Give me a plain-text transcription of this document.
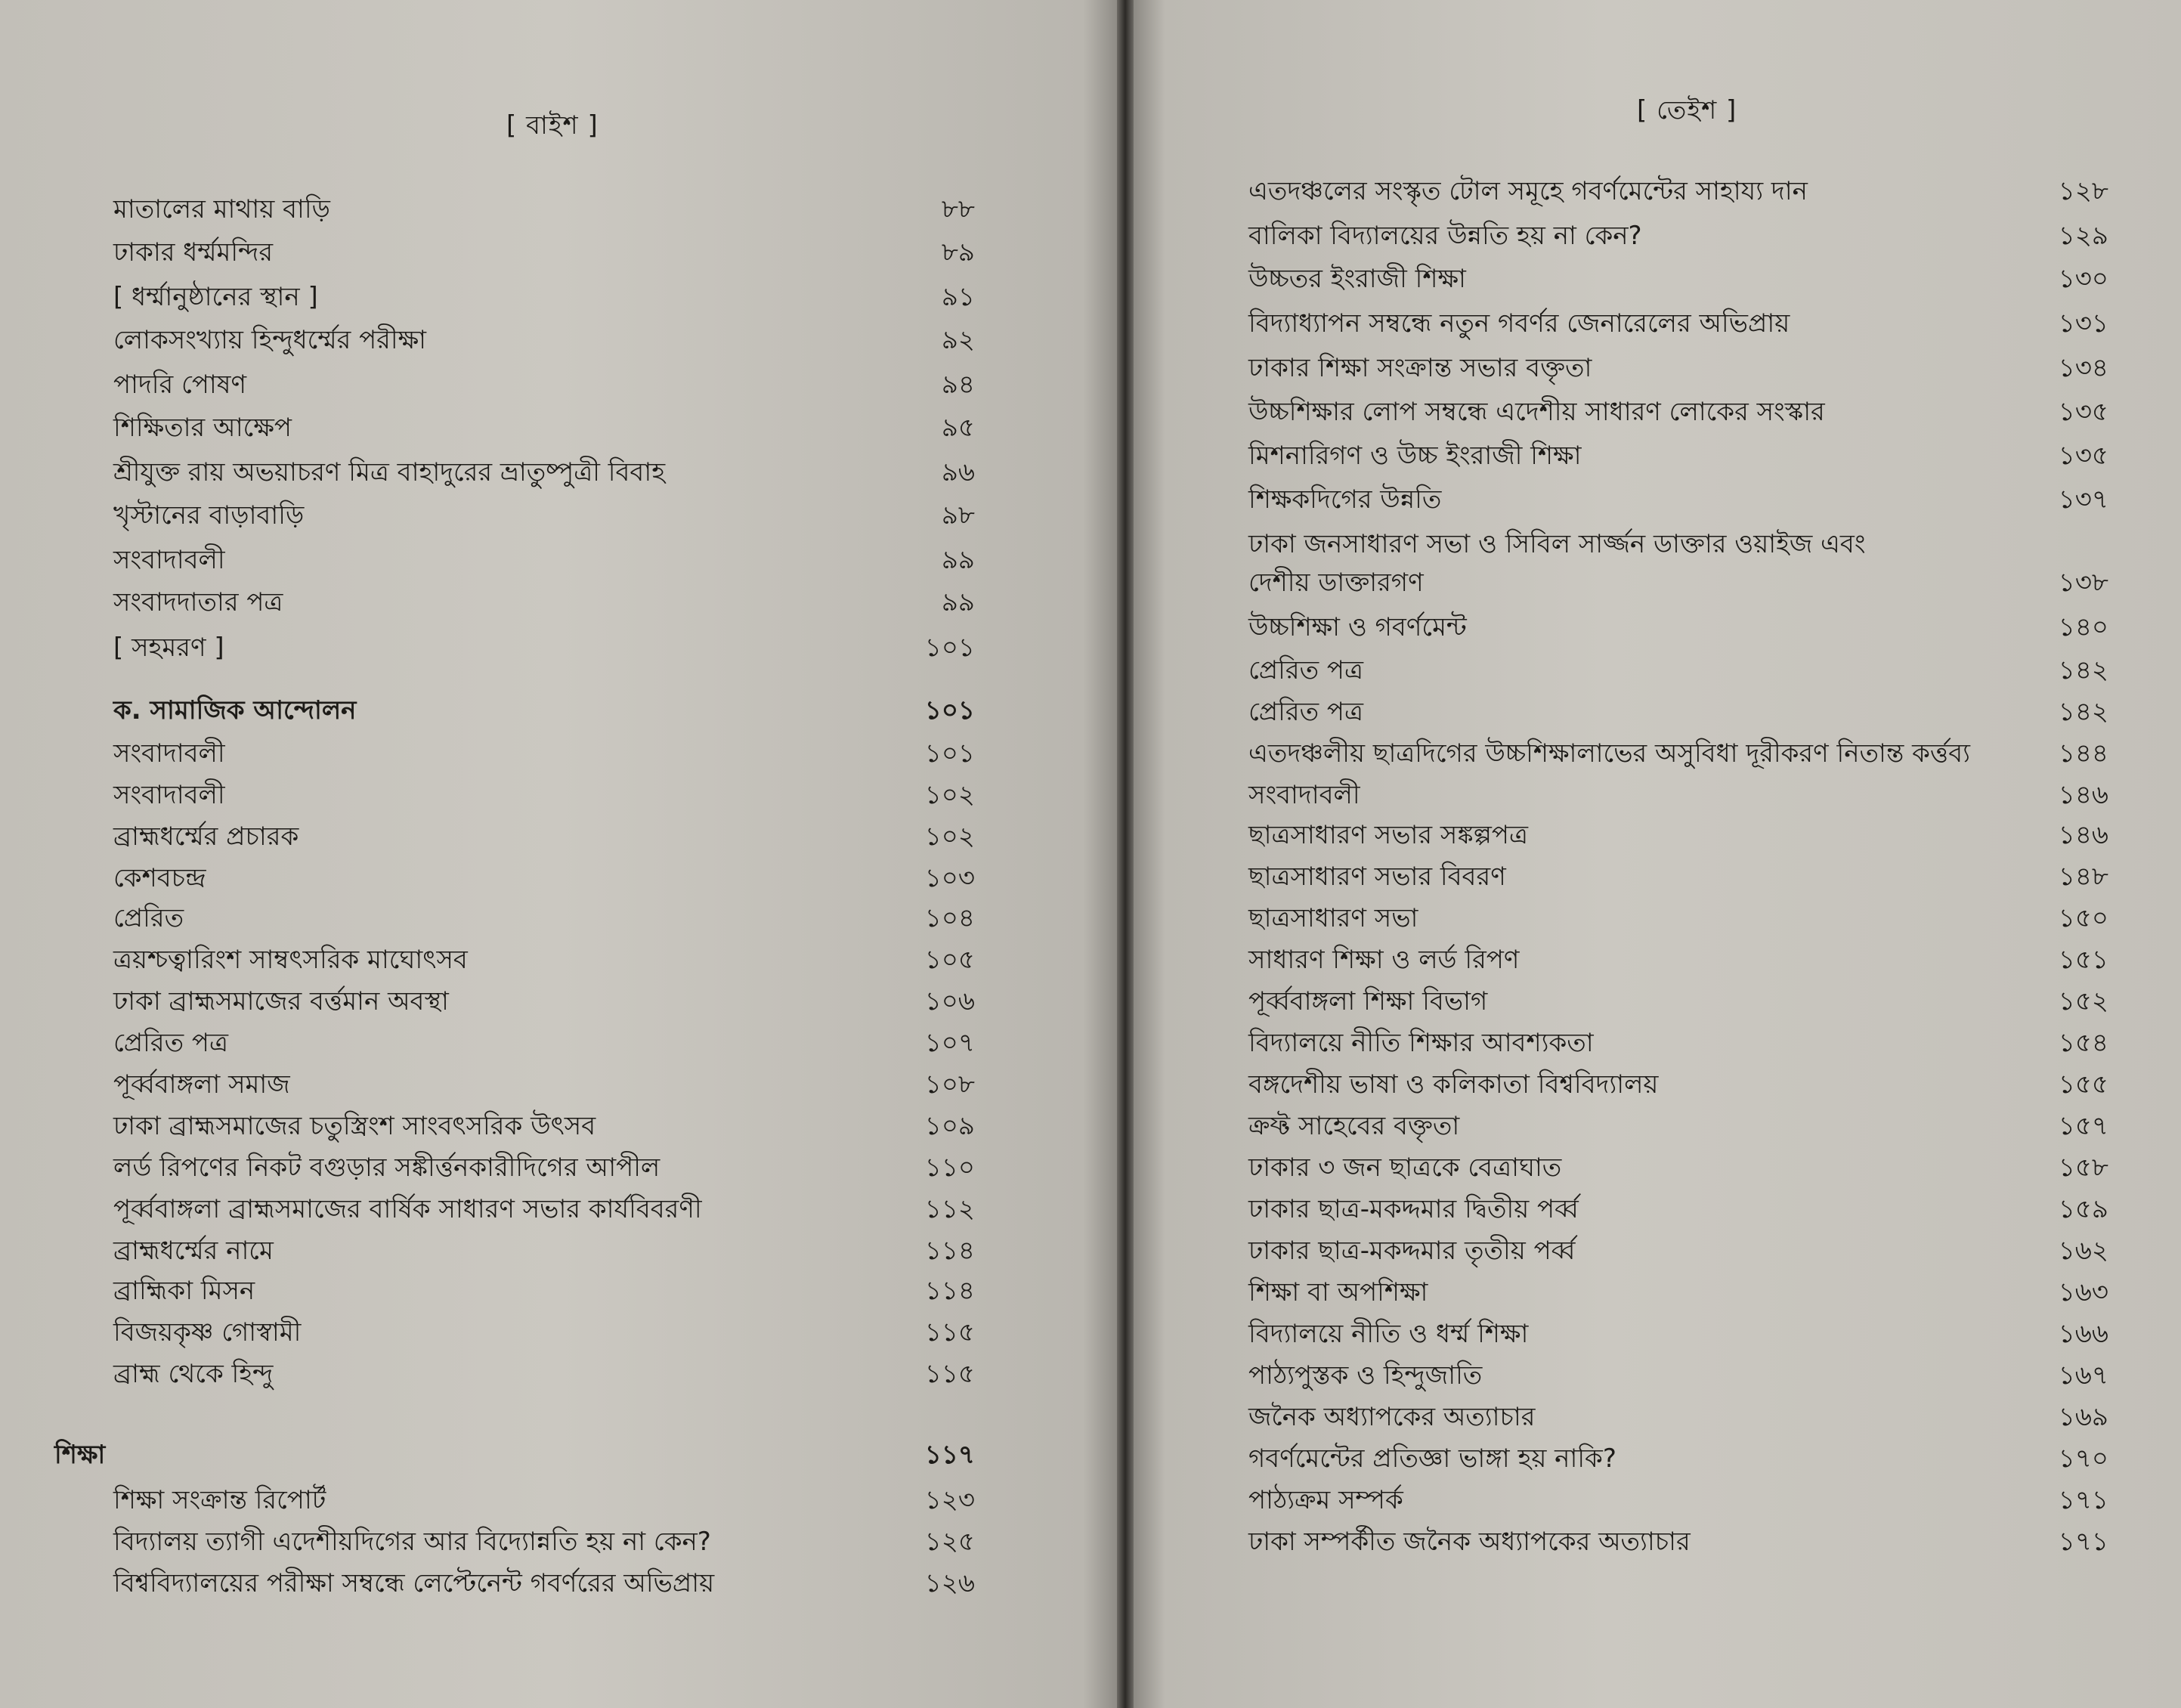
[ বাইশ ]
মাতালের মাথায় বাড়ি	৮৮
ঢাকার ধর্ম্মমন্দির	৮৯
[ ধর্ম্মানুষ্ঠানের স্থান ]	৯১
লোকসংখ্যায় হিন্দুধর্ম্মের পরীক্ষা	৯২
পাদরি পোষণ	৯৪
শিক্ষিতার আক্ষেপ	৯৫
শ্রীযুক্ত রায় অভয়াচরণ মিত্র বাহাদুরের ভ্রাতুষ্পুত্রী বিবাহ	৯৬
খৃস্টানের বাড়াবাড়ি	৯৮
সংবাদাবলী	৯৯
সংবাদদাতার পত্র	৯৯
[ সহমরণ ]	১০১
ক. সামাজিক আন্দোলন	১০১
সংবাদাবলী	১০১
সংবাদাবলী	১০২
ব্রাহ্মধর্ম্মের প্রচারক	১০২
কেশবচন্দ্র	১০৩
প্রেরিত	১০৪
ত্রয়শ্চত্বারিংশ সাম্বৎসরিক মাঘোৎসব	১০৫
ঢাকা ব্রাহ্মসমাজের বর্ত্তমান অবস্থা	১০৬
প্রেরিত পত্র	১০৭
পূর্ব্ববাঙ্গলা সমাজ	১০৮
ঢাকা ব্রাহ্মসমাজের চতুস্ত্রিংশ সাংবৎসরিক উৎসব	১০৯
লর্ড রিপণের নিকট বগুড়ার সঙ্কীর্ত্তনকারীদিগের আপীল	১১০
পূর্ব্ববাঙ্গলা ব্রাহ্মসমাজের বার্ষিক সাধারণ সভার কার্যবিবরণী	১১২
ব্রাহ্মধর্ম্মের নামে	১১৪
ব্রাহ্মিকা মিসন	১১৪
বিজয়কৃষ্ণ গোস্বামী	১১৫
ব্রাহ্ম থেকে হিন্দু	১১৫
শিক্ষা	১১৭
শিক্ষা সংক্রান্ত রিপোর্ট	১২৩
বিদ্যালয় ত্যাগী এদেশীয়দিগের আর বিদ্যোন্নতি হয় না কেন?	১২৫
বিশ্ববিদ্যালয়ের পরীক্ষা সম্বন্ধে লেপ্টেনেন্ট গবর্ণরের অভিপ্রায়	১২৬
[ তেইশ ]
এতদঞ্চলের সংস্কৃত টোল সমূহে গবর্ণমেন্টের সাহায্য দান	১২৮
বালিকা বিদ্যালয়ের উন্নতি হয় না কেন?	১২৯
উচ্চতর ইংরাজী শিক্ষা	১৩০
বিদ্যাধ্যাপন সম্বন্ধে নতুন গবর্ণর জেনারেলের অভিপ্রায়	১৩১
ঢাকার শিক্ষা সংক্রান্ত সভার বক্তৃতা	১৩৪
উচ্চশিক্ষার লোপ সম্বন্ধে এদেশীয় সাধারণ লোকের সংস্কার	১৩৫
মিশনারিগণ ও উচ্চ ইংরাজী শিক্ষা	১৩৫
শিক্ষকদিগের উন্নতি	১৩৭
ঢাকা জনসাধারণ সভা ও সিবিল সার্জ্জন ডাক্তার ওয়াইজ এবং
দেশীয় ডাক্তারগণ	১৩৮
উচ্চশিক্ষা ও গবর্ণমেন্ট	১৪০
প্রেরিত পত্র	১৪২
প্রেরিত পত্র	১৪২
এতদঞ্চলীয় ছাত্রদিগের উচ্চশিক্ষালাভের অসুবিধা দূরীকরণ নিতান্ত কর্ত্তব্য	১৪৪
সংবাদাবলী	১৪৬
ছাত্রসাধারণ সভার সঙ্কল্পপত্র	১৪৬
ছাত্রসাধারণ সভার বিবরণ	১৪৮
ছাত্রসাধারণ সভা	১৫০
সাধারণ শিক্ষা ও লর্ড রিপণ	১৫১
পূর্ব্ববাঙ্গলা শিক্ষা বিভাগ	১৫২
বিদ্যালয়ে নীতি শিক্ষার আবশ্যকতা	১৫৪
বঙ্গদেশীয় ভাষা ও কলিকাতা বিশ্ববিদ্যালয়	১৫৫
ক্রফ্ট সাহেবের বক্তৃতা	১৫৭
ঢাকার ৩ জন ছাত্রকে বেত্রাঘাত	১৫৮
ঢাকার ছাত্র-মকদ্দমার দ্বিতীয় পর্ব্ব	১৫৯
ঢাকার ছাত্র-মকদ্দমার তৃতীয় পর্ব্ব	১৬২
শিক্ষা বা অপশিক্ষা	১৬৩
বিদ্যালয়ে নীতি ও ধর্ম্ম শিক্ষা	১৬৬
পাঠ্যপুস্তক ও হিন্দুজাতি	১৬৭
জনৈক অধ্যাপকের অত্যাচার	১৬৯
গবর্ণমেন্টের প্রতিজ্ঞা ভাঙ্গা হয় নাকি?	১৭০
পাঠ্যক্রম সম্পর্ক	১৭১
ঢাকা সম্পর্কীত জনৈক অধ্যাপকের অত্যাচার	১৭১
